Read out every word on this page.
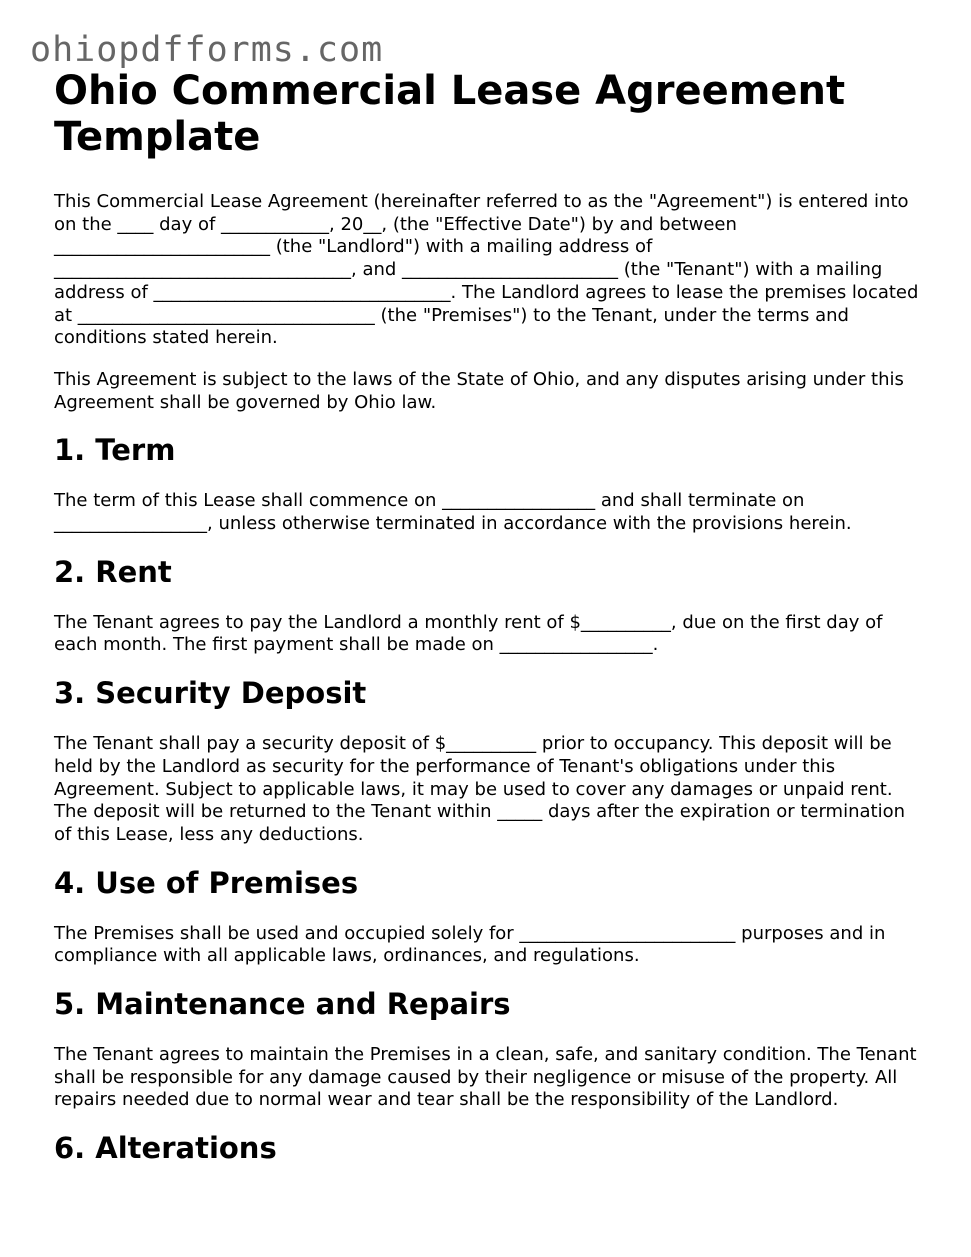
ohiopdfforms.com
Ohio Commercial Lease Agreement Template

This Commercial Lease Agreement (hereinafter referred to as the "Agreement") is entered into on the ____ day of ____________, 20__, (the "Effective Date") by and between ________________________ (the "Landlord") with a mailing address of _________________________________, and ________________________ (the "Tenant") with a mailing address of _________________________________. The Landlord agrees to lease the premises located at _________________________________ (the "Premises") to the Tenant, under the terms and conditions stated herein.

This Agreement is subject to the laws of the State of Ohio, and any disputes arising under this Agreement shall be governed by Ohio law.

1. Term

The term of this Lease shall commence on _________________ and shall terminate on _________________, unless otherwise terminated in accordance with the provisions herein.

2. Rent

The Tenant agrees to pay the Landlord a monthly rent of $__________, due on the first day of each month. The first payment shall be made on _________________.

3. Security Deposit

The Tenant shall pay a security deposit of $__________ prior to occupancy. This deposit will be held by the Landlord as security for the performance of Tenant's obligations under this Agreement. Subject to applicable laws, it may be used to cover any damages or unpaid rent. The deposit will be returned to the Tenant within _____ days after the expiration or termination of this Lease, less any deductions.

4. Use of Premises

The Premises shall be used and occupied solely for ________________________ purposes and in compliance with all applicable laws, ordinances, and regulations.

5. Maintenance and Repairs

The Tenant agrees to maintain the Premises in a clean, safe, and sanitary condition. The Tenant shall be responsible for any damage caused by their negligence or misuse of the property. All repairs needed due to normal wear and tear shall be the responsibility of the Landlord.

6. Alterations
